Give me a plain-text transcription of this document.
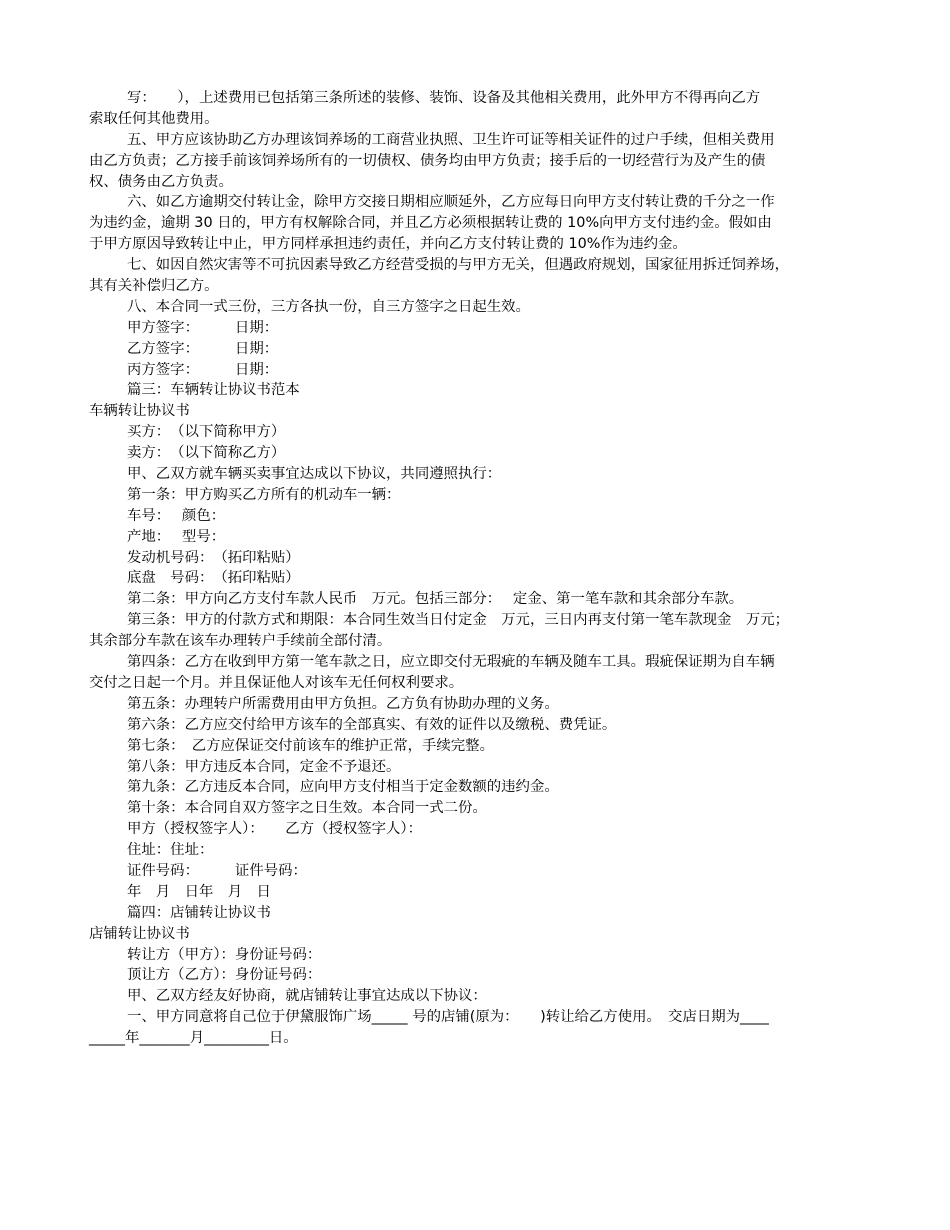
写：　　），上述费用已包括第三条所述的装修、装饰、设备及其他相关费用，此外甲方不得再向乙方
索取任何其他费用。
五、甲方应该协助乙方办理该饲养场的工商营业执照、卫生许可证等相关证件的过户手续，但相关费用
由乙方负责；乙方接手前该饲养场所有的一切债权、债务均由甲方负责；接手后的一切经营行为及产生的债
权、债务由乙方负责。
六、如乙方逾期交付转让金，除甲方交接日期相应顺延外，乙方应每日向甲方支付转让费的千分之一作
为违约金，逾期 30 日的，甲方有权解除合同，并且乙方必须根据转让费的 10%向甲方支付违约金。假如由
于甲方原因导致转让中止，甲方同样承担违约责任，并向乙方支付转让费的 10%作为违约金。
七、如因自然灾害等不可抗因素导致乙方经营受损的与甲方无关，但遇政府规划，国家征用拆迁饲养场，
其有关补偿归乙方。
八、本合同一式三份，三方各执一份，自三方签字之日起生效。
甲方签字：　　　日期：
乙方签字：　　　日期：
丙方签字：　　　日期：
篇三：车辆转让协议书范本
车辆转让协议书
买方：　（以下简称甲方）
卖方：　（以下简称乙方）
甲、乙双方就车辆买卖事宜达成以下协议，共同遵照执行：
第一条：甲方购买乙方所有的机动车一辆：
车号：　 颜色：
产地：　 型号：
发动机号码：　（拓印粘贴）
底盘　号码：　（拓印粘贴）
第二条：甲方向乙方支付车款人民币　万元。包括三部分：　 定金、第一笔车款和其余部分车款。
第三条：甲方的付款方式和期限：本合同生效当日付定金　万元，三日内再支付第一笔车款现金　万元；
其余部分车款在该车办理转户手续前全部付清。
第四条：乙方在收到甲方第一笔车款之日，应立即交付无瑕疵的车辆及随车工具。瑕疵保证期为自车辆
交付之日起一个月。并且保证他人对该车无任何权利要求。
第五条：办理转户所需费用由甲方负担。乙方负有协助办理的义务。
第六条：乙方应交付给甲方该车的全部真实、有效的证件以及缴税、费凭证。
第七条：　乙方应保证交付前该车的维护正常，手续完整。
第八条：甲方违反本合同，定金不予退还。
第九条：乙方违反本合同，应向甲方支付相当于定金数额的违约金。
第十条：本合同自双方签字之日生效。本合同一式二份。
甲方（授权签字人）：　　乙方（授权签字人）：
住址：住址：
证件号码：　　　证件号码：
年　月　日年　月　日
篇四：店铺转让协议书
店铺转让协议书
转让方（甲方）：身份证号码：
顶让方（乙方）：身份证号码：
甲、乙双方经友好协商，就店铺转让事宜达成以下协议：
一、甲方同意将自己位于伊黛服饰广场_____ 号的店铺(原为：　　)转让给乙方使用。　交店日期为____
_____年_______月_________日。
